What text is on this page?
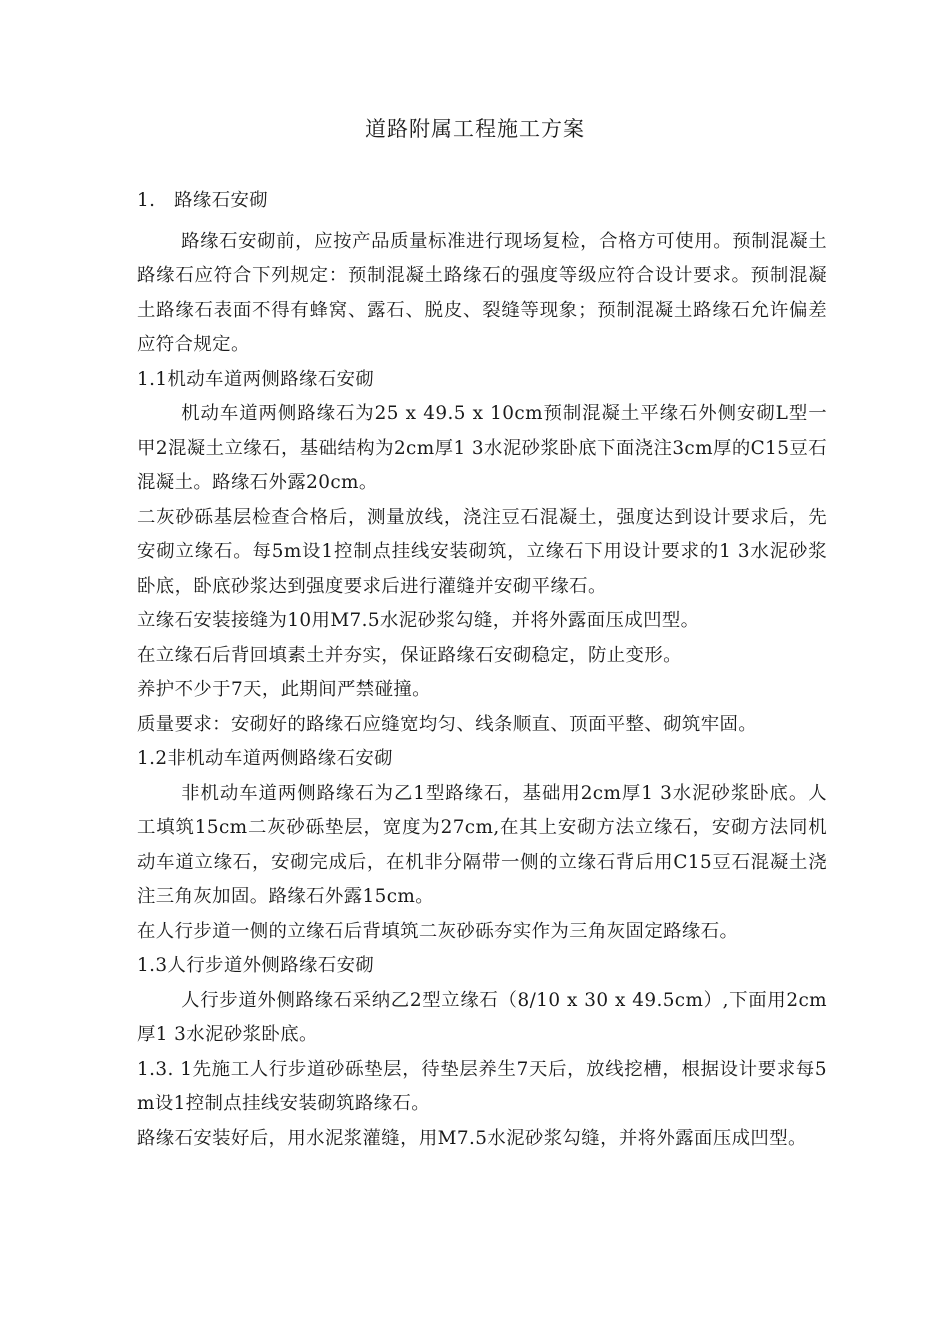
道路附属工程施工方案

1.　路缘石安砌

路缘石安砌前，应按产品质量标准进行现场复检，合格方可使用。预制混凝土路缘石应符合下列规定：预制混凝土路缘石的强度等级应符合设计要求。预制混凝土路缘石表面不得有蜂窝、露石、脱皮、裂缝等现象；预制混凝土路缘石允许偏差应符合规定。

1.1机动车道两侧路缘石安砌

机动车道两侧路缘石为25 x 49.5 x 10cm预制混凝土平缘石外侧安砌L型一甲2混凝土立缘石，基础结构为2cm厚1 3水泥砂浆卧底下面浇注3cm厚的C15豆石混凝土。路缘石外露20cm。

二灰砂砾基层检查合格后，测量放线，浇注豆石混凝土，强度达到设计要求后，先安砌立缘石。每5m设1控制点挂线安装砌筑，立缘石下用设计要求的1 3水泥砂浆卧底，卧底砂浆达到强度要求后进行灌缝并安砌平缘石。

立缘石安装接缝为10用M7.5水泥砂浆勾缝，并将外露面压成凹型。

在立缘石后背回填素土并夯实，保证路缘石安砌稳定，防止变形。

养护不少于7天，此期间严禁碰撞。

质量要求：安砌好的路缘石应缝宽均匀、线条顺直、顶面平整、砌筑牢固。

1.2非机动车道两侧路缘石安砌

非机动车道两侧路缘石为乙1型路缘石，基础用2cm厚1 3水泥砂浆卧底。人工填筑15cm二灰砂砾垫层，宽度为27cm,在其上安砌方法立缘石，安砌方法同机动车道立缘石，安砌完成后，在机非分隔带一侧的立缘石背后用C15豆石混凝土浇注三角灰加固。路缘石外露15cm。

在人行步道一侧的立缘石后背填筑二灰砂砾夯实作为三角灰固定路缘石。

1.3人行步道外侧路缘石安砌

人行步道外侧路缘石采纳乙2型立缘石（8/10 x 30 x 49.5cm）,下面用2cm厚1 3水泥砂浆卧底。

1.3. 1先施工人行步道砂砾垫层，待垫层养生7天后，放线挖槽，根据设计要求每5m设1控制点挂线安装砌筑路缘石。

路缘石安装好后，用水泥浆灌缝，用M7.5水泥砂浆勾缝，并将外露面压成凹型。
